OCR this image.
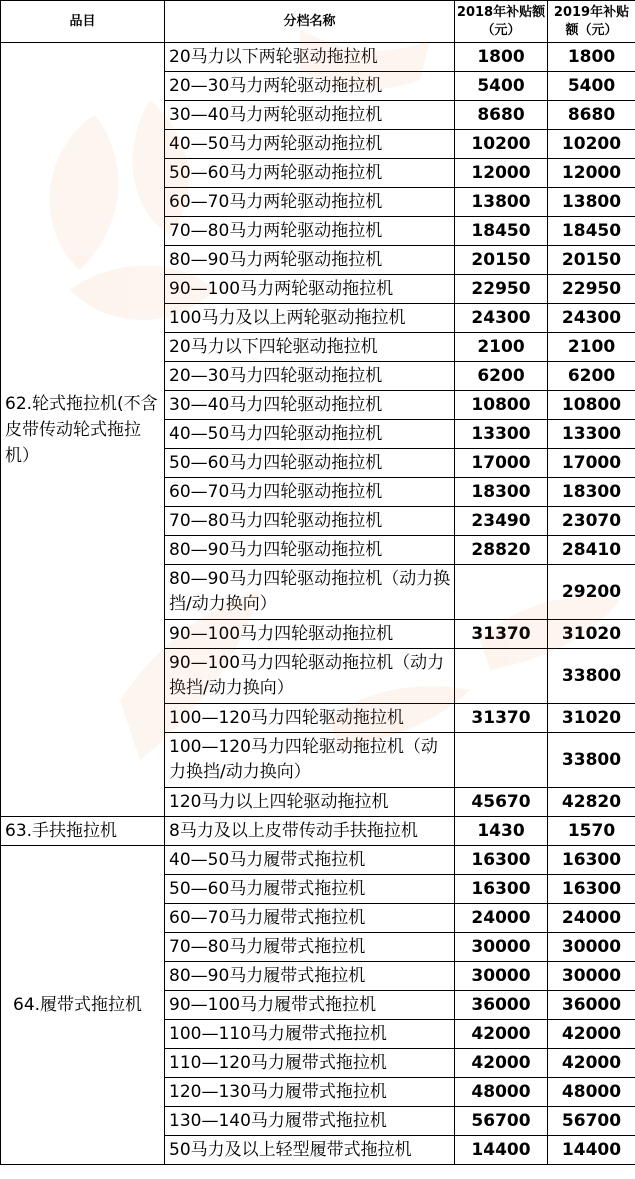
品目	分档名称	2018年补贴额（元）	2019年补贴额（元）
62.轮式拖拉机(不含皮带传动轮式拖拉机）	20马力以下两轮驱动拖拉机	1800	1800
	20—30马力两轮驱动拖拉机	5400	5400
	30—40马力两轮驱动拖拉机	8680	8680
	40—50马力两轮驱动拖拉机	10200	10200
	50—60马力两轮驱动拖拉机	12000	12000
	60—70马力两轮驱动拖拉机	13800	13800
	70—80马力两轮驱动拖拉机	18450	18450
	80—90马力两轮驱动拖拉机	20150	20150
	90—100马力两轮驱动拖拉机	22950	22950
	100马力及以上两轮驱动拖拉机	24300	24300
	20马力以下四轮驱动拖拉机	2100	2100
	20—30马力四轮驱动拖拉机	6200	6200
	30—40马力四轮驱动拖拉机	10800	10800
	40—50马力四轮驱动拖拉机	13300	13300
	50—60马力四轮驱动拖拉机	17000	17000
	60—70马力四轮驱动拖拉机	18300	18300
	70—80马力四轮驱动拖拉机	23490	23070
	80—90马力四轮驱动拖拉机	28820	28410
	80—90马力四轮驱动拖拉机（动力换挡/动力换向）		29200
	90—100马力四轮驱动拖拉机	31370	31020
	90—100马力四轮驱动拖拉机（动力换挡/动力换向）		33800
	100—120马力四轮驱动拖拉机	31370	31020
	100—120马力四轮驱动拖拉机（动力换挡/动力换向）		33800
	120马力以上四轮驱动拖拉机	45670	42820
63.手扶拖拉机	8马力及以上皮带传动手扶拖拉机	1430	1570
64.履带式拖拉机	40—50马力履带式拖拉机	16300	16300
	50—60马力履带式拖拉机	16300	16300
	60—70马力履带式拖拉机	24000	24000
	70—80马力履带式拖拉机	30000	30000
	80—90马力履带式拖拉机	30000	30000
	90—100马力履带式拖拉机	36000	36000
	100—110马力履带式拖拉机	42000	42000
	110—120马力履带式拖拉机	42000	42000
	120—130马力履带式拖拉机	48000	48000
	130—140马力履带式拖拉机	56700	56700
	50马力及以上轻型履带式拖拉机	14400	14400
